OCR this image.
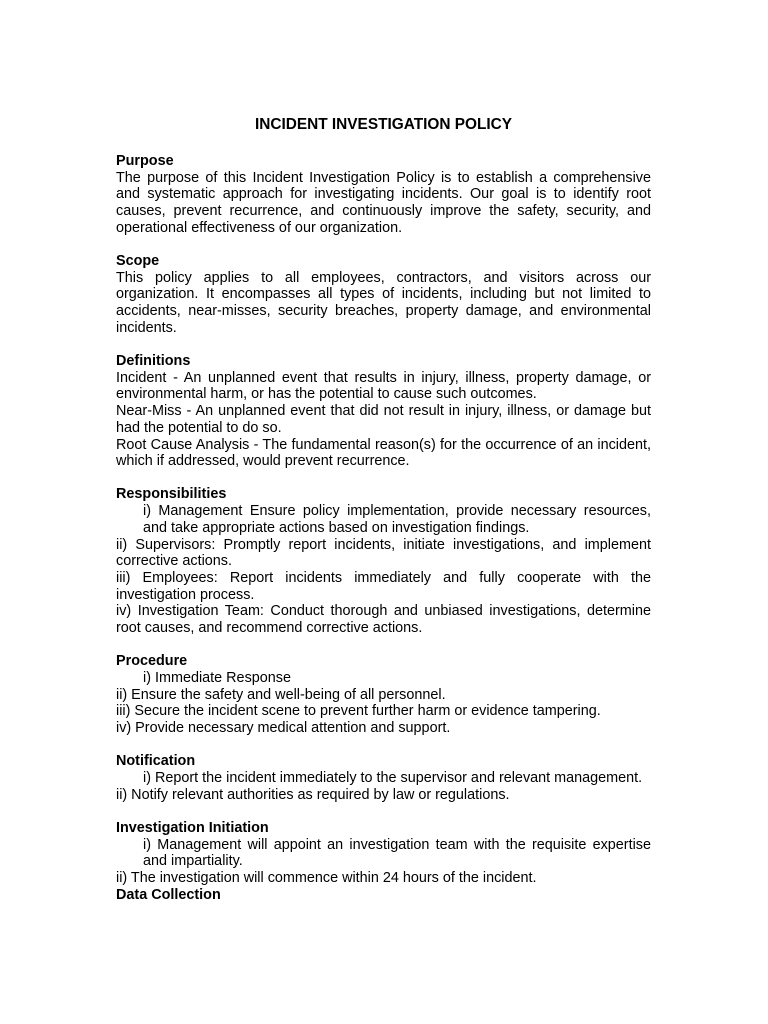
INCIDENT INVESTIGATION POLICY

Purpose

The purpose of this Incident Investigation Policy is to establish a comprehensive and systematic approach for investigating incidents. Our goal is to identify root causes, prevent recurrence, and continuously improve the safety, security, and operational effectiveness of our organization.

Scope

This policy applies to all employees, contractors, and visitors across our organization. It encompasses all types of incidents, including but not limited to accidents, near-misses, security breaches, property damage, and environmental incidents.

Definitions

Incident - An unplanned event that results in injury, illness, property damage, or environmental harm, or has the potential to cause such outcomes.

Near-Miss - An unplanned event that did not result in injury, illness, or damage but had the potential to do so.

Root Cause Analysis - The fundamental reason(s) for the occurrence of an incident, which if addressed, would prevent recurrence.

Responsibilities

i) Management Ensure policy implementation, provide necessary resources, and take appropriate actions based on investigation findings.

ii) Supervisors: Promptly report incidents, initiate investigations, and implement corrective actions.

iii) Employees: Report incidents immediately and fully cooperate with the investigation process.

iv) Investigation Team: Conduct thorough and unbiased investigations, determine root causes, and recommend corrective actions.

Procedure

i) Immediate Response

ii) Ensure the safety and well-being of all personnel.

iii) Secure the incident scene to prevent further harm or evidence tampering.

iv) Provide necessary medical attention and support.

Notification

i) Report the incident immediately to the supervisor and relevant management.

ii) Notify relevant authorities as required by law or regulations.

Investigation Initiation

i) Management will appoint an investigation team with the requisite expertise and impartiality.

ii) The investigation will commence within 24 hours of the incident.

Data Collection
